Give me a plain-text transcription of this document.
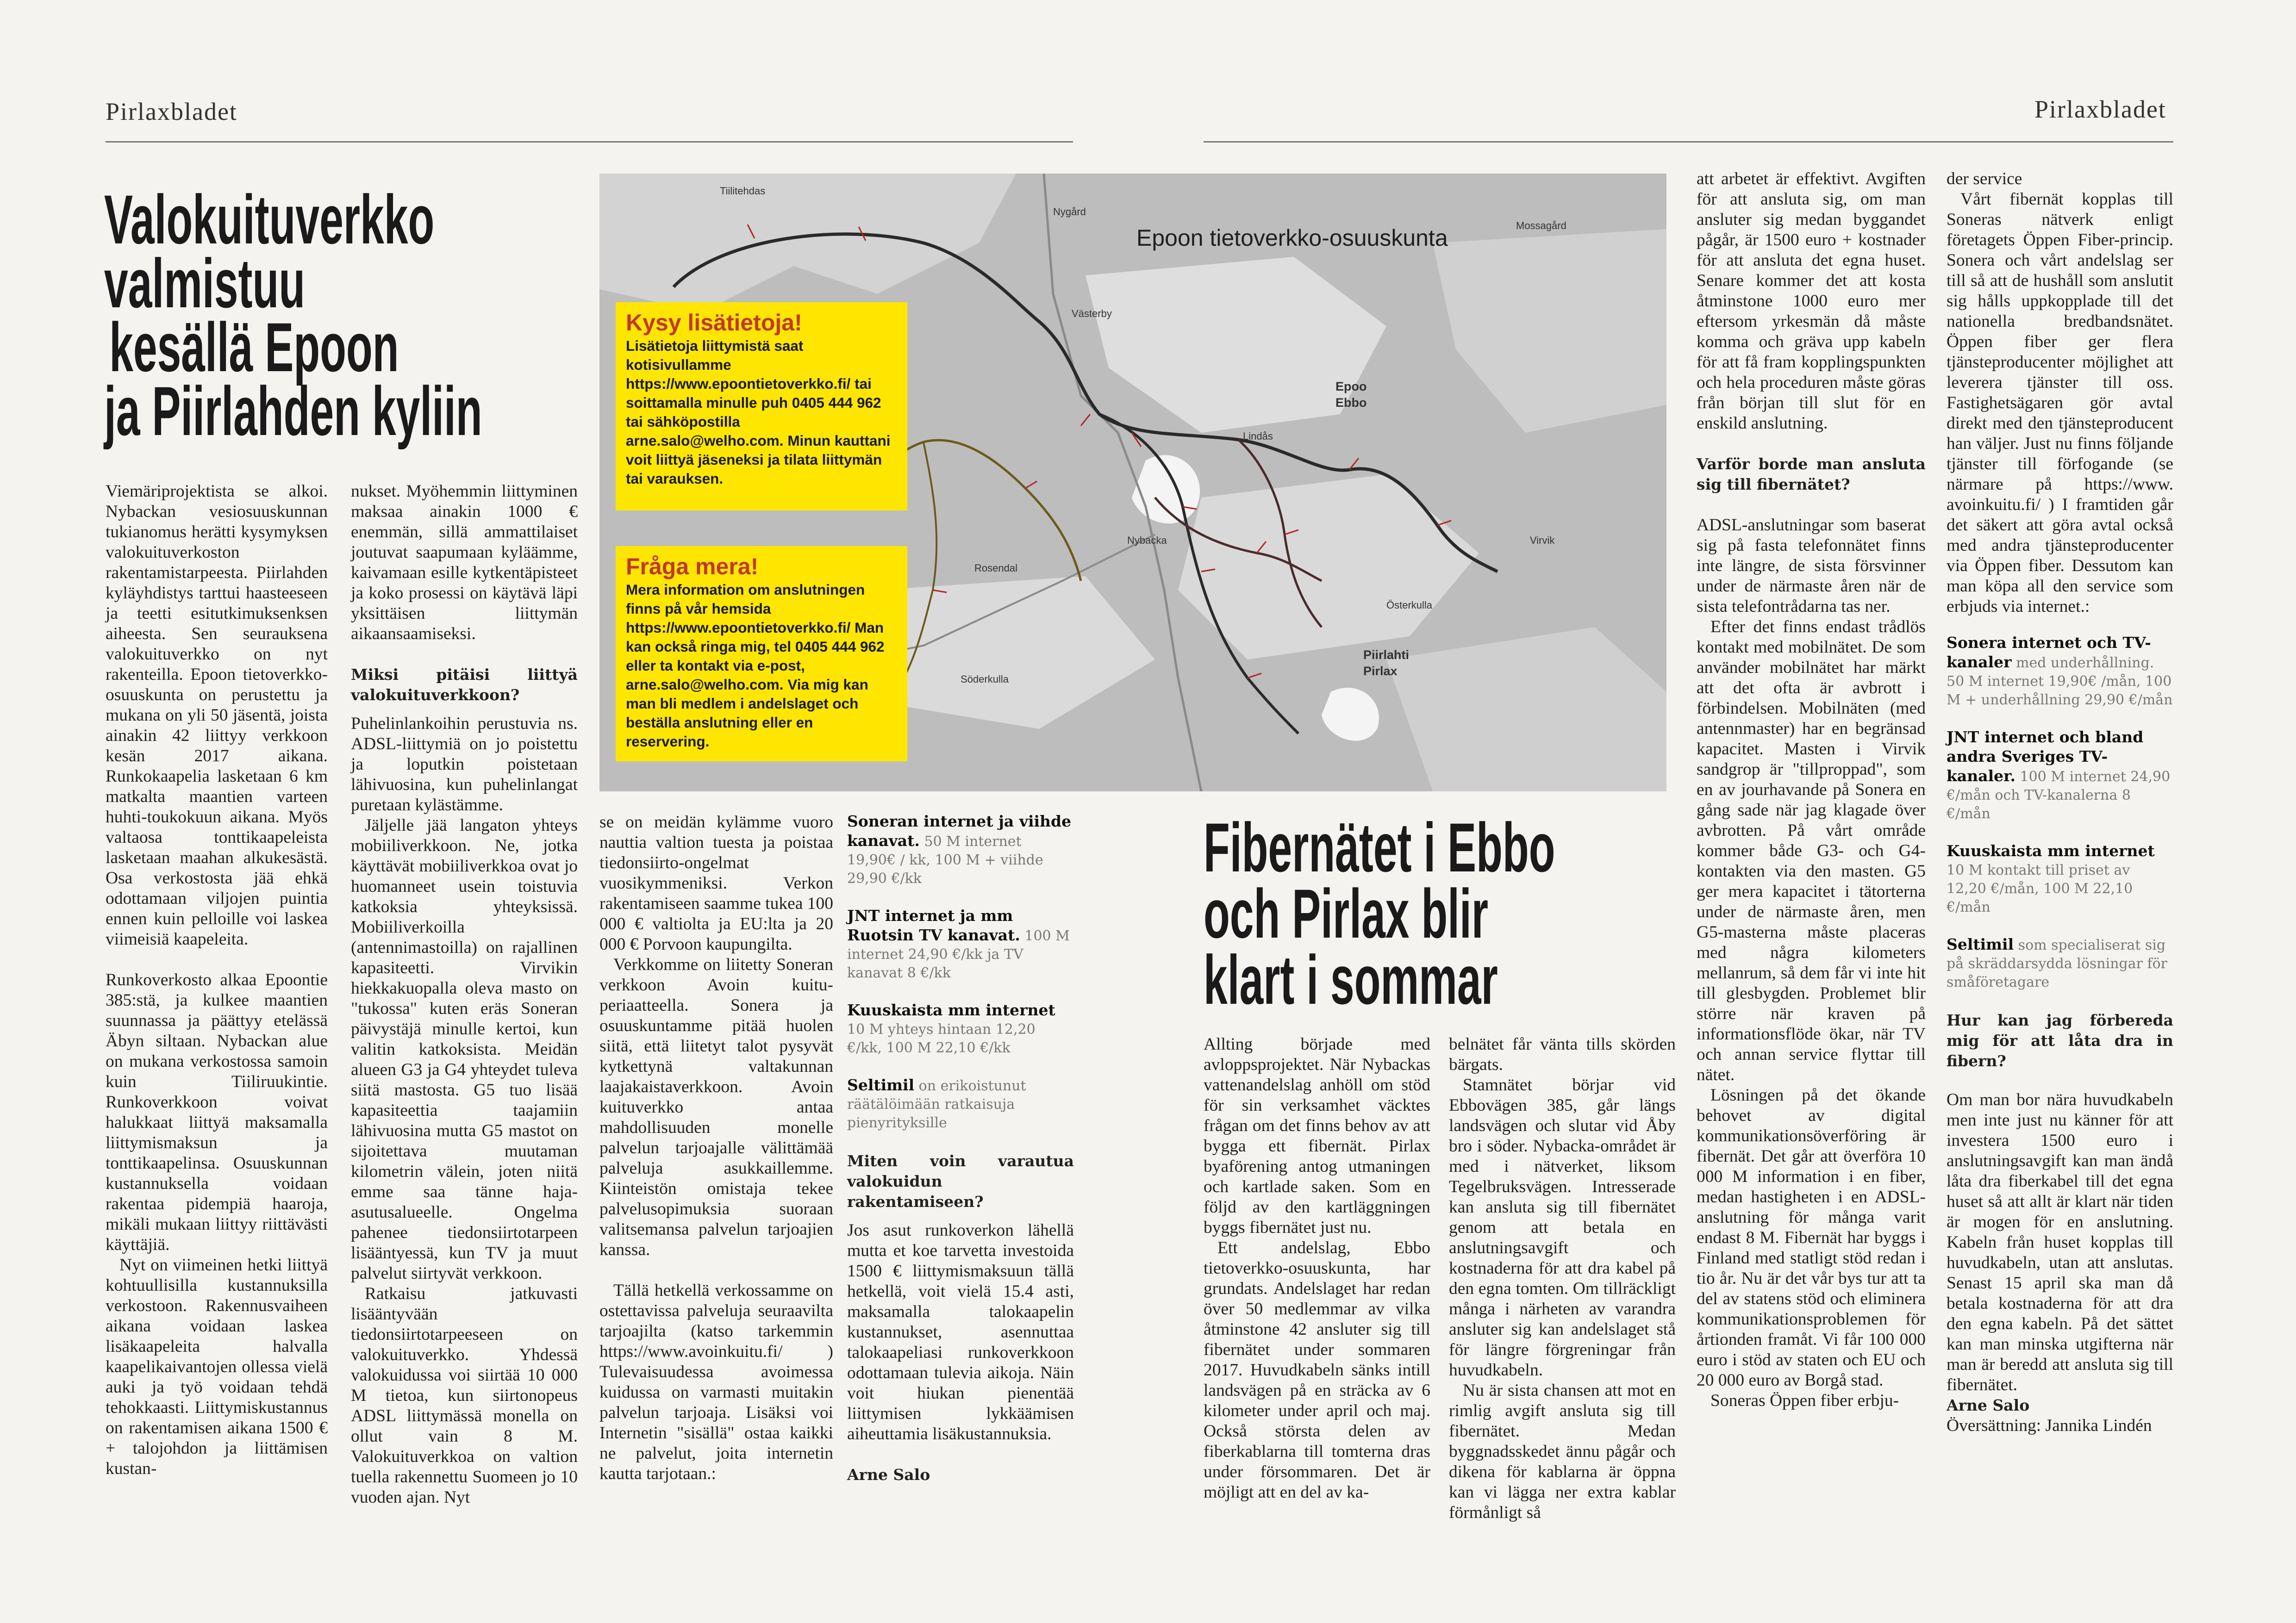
Pirlaxbladet	Pirlaxbladet
Valokuituverkko
valmistuu
kesällä Epoon
ja Piirlahden kyliin

Viemäriprojektista se alkoi. Nybackan vesiosuuskunnan tukianomus herätti kysymyksen valokuituverkoston rakentamistarpeesta. Piirlahden kyläyhdistys tarttui haasteeseen ja teetti esitutkimuksenksen aiheesta. Sen seurauksena valokuituverkko on nyt rakenteilla. Epoon tietoverkko-osuuskunta on perustettu ja mukana on yli 50 jäsentä, joista ainakin 42 liittyy verkkoon kesän 2017 aikana. Runkokaapelia lasketaan 6 km matkalta maantien varteen huhti-toukokuun aikana. Myös valtaosa tonttikaapeleista lasketaan maahan alkukesästä. Osa verkostosta jää ehkä odottamaan viljojen puintia ennen kuin pelloille voi laskea viimeisiä kaapeleita.

Runkoverkosto alkaa Epoontie 385:stä, ja kulkee maantien suunnassa ja päättyy etelässä Äbyn siltaan. Nybackan alue on mukana verkostossa samoin kuin Tiiliruukintie. Runkoverkkoon voivat halukkaat liittyä maksamalla liittymismaksun ja tonttikaapelinsa. Osuuskunnan kustannuksella voidaan rakentaa pidempiä haaroja, mikäli mukaan liittyy riittävästi käyttäjiä.

Nyt on viimeinen hetki liittyä kohtuullisilla kustannuksilla verkostoon. Rakennusvaiheen aikana voidaan laskea lisäkaapeleita halvalla kaapelikaivantojen ollessa vielä auki ja työ voidaan tehdä tehokkaasti. Liittymiskustannus on rakentamisen aikana 1500 € + talojohdon ja liittämisen kustan-

nukset. Myöhemmin liittyminen maksaa ainakin 1000 € enemmän, sillä ammattilaiset joutuvat saapumaan kyläämme, kaivamaan esille kytkentäpisteet ja koko prosessi on käytävä läpi yksittäisen liittymän aikaansaamiseksi.

Miksi pitäisi liittyä valokuituverkkoon?

Puhelinlankoihin perustuvia ns. ADSL-liittymiä on jo poistettu ja loputkin poistetaan lähivuosina, kun puhelinlangat puretaan kylästämme.

Jäljelle jää langaton yhteys mobiiliverkkoon. Ne, jotka käyttävät mobiiliverkkoa ovat jo huomanneet usein toistuvia katkoksia yhteyksissä. Mobiiliverkoilla (antennimastoilla) on rajallinen kapasiteetti. Virvikin hiekkakuopalla oleva masto on "tukossa" kuten eräs Soneran päivystäjä minulle kertoi, kun valitin katkoksista. Meidän alueen G3 ja G4 yhteydet tuleva siitä mastosta. G5 tuo lisää kapasiteettia taajamiin lähivuosina mutta G5 mastot on sijoitettava muutaman kilometrin välein, joten niitä emme saa tänne haja-asutusalueelle. Ongelma pahenee tiedonsiirtotarpeen lisääntyessä, kun TV ja muut palvelut siirtyvät verkkoon.

Ratkaisu jatkuvasti lisääntyvään tiedonsiirtotarpeeseen on valokuituverkko. Yhdessä valokuidussa voi siirtää 10 000 M tietoa, kun siirtonopeus ADSL liittymässä monella on ollut vain 8 M. Valokuituverkkoa on valtion tuella rakennettu Suomeen jo 10 vuoden ajan. Nyt

Epoon tietoverkko-osuuskunta
Nygård
Epoo
Ebbo
Nybacka
Piirlahti
Pirlax
Lindås
Österkulla
Söderkulla
Rosendal
Västerby
Mossagård
Tiilitehdas
Virvik
Kysy lisätietoja!
Lisätietoja liittymistä saat kotisivullamme https://www.epoontietoverkko.fi/ tai soittamalla minulle puh 0405 444 962 tai sähköpostilla arne.salo@welho.com. Minun kauttani voit liittyä jäseneksi ja tilata liittymän tai varauksen.
Fråga mera!
Mera information om anslutningen finns på vår hemsida https://www.epoontietoverkko.fi/ Man kan också ringa mig, tel 0405 444 962 eller ta kontakt via e-post, arne.salo@welho.com. Via mig kan man bli medlem i andelslaget och beställa anslutning eller en reservering.

se on meidän kylämme vuoro nauttia valtion tuesta ja poistaa tiedonsiirto-ongelmat vuosikymmeniksi. Verkon rakentamiseen saamme tukea 100 000 € valtiolta ja EU:lta ja 20 000 € Porvoon kaupungilta.

Verkkomme on liitetty Soneran verkkoon Avoin kuitu-periaatteella. Sonera ja osuuskuntamme pitää huolen siitä, että liitetyt talot pysyvät kytkettynä valtakunnan laajakaistaverkkoon. Avoin kuituverkko antaa mahdollisuuden monelle palvelun tarjoajalle välittämää palveluja asukkaillemme. Kiinteistön omistaja tekee palvelusopimuksia suoraan valitsemansa palvelun tarjoajien kanssa.

Tällä hetkellä verkossamme on ostettavissa palveluja seuraavilta tarjoajilta (katso tarkemmin https://www.avoinkuitu.fi/ ) Tulevaisuudessa avoimessa kuidussa on varmasti muitakin palvelun tarjoaja. Lisäksi voi Internetin "sisällä" ostaa kaikki ne palvelut, joita internetin kautta tarjotaan.:

Soneran internet ja viihde kanavat. 50 M internet 19,90€ / kk, 100 M + viihde 29,90 €/kk
JNT internet ja mm Ruotsin TV kanavat. 100 M internet 24,90 €/kk ja TV kanavat 8 €/kk
Kuuskaista mm internet 10 M yhteys hintaan 12,20 €/kk, 100 M 22,10 €/kk
Seltimil on erikoistunut räätälöimään ratkaisuja pienyrityksille
Miten voin varautua valokuidun rakentamiseen?

Jos asut runkoverkon lähellä mutta et koe tarvetta investoida 1500 € liittymismaksuun tällä hetkellä, voit vielä 15.4 asti, maksamalla talokaapelin kustannukset, asennuttaa talokaapeliasi runkoverkkoon odottamaan tulevia aikoja. Näin voit hiukan pienentää liittymisen lykkäämisen aiheuttamia lisäkustannuksia.

Arne Salo
Fibernätet i Ebbo
och Pirlax blir
klart i sommar

Allting började med avloppsprojektet. När Nybackas vattenandelslag anhöll om stöd för sin verksamhet väcktes frågan om det finns behov av att bygga ett fibernät. Pirlax byaförening antog utmaningen och kartlade saken. Som en följd av den kartläggningen byggs fibernätet just nu.

Ett andelslag, Ebbo tietoverkko-osuuskunta, har grundats. Andelslaget har redan över 50 medlemmar av vilka åtminstone 42 ansluter sig till fibernätet under sommaren 2017. Huvudkabeln sänks intill landsvägen på en sträcka av 6 kilometer under april och maj. Också största delen av fiberkablarna till tomterna dras under försommaren. Det är möjligt att en del av ka-

belnätet får vänta tills skörden bärgats.

Stamnätet börjar vid Ebbovägen 385, går längs landsvägen och slutar vid Åby bro i söder. Nybacka-området är med i nätverket, liksom Tegelbruksvägen. Intresserade kan ansluta sig till fibernätet genom att betala en anslutningsavgift och kostnaderna för att dra kabel på den egna tomten. Om tillräckligt många i närheten av varandra ansluter sig kan andelslaget stå för längre förgreningar från huvudkabeln.

Nu är sista chansen att mot en rimlig avgift ansluta sig till fibernätet. Medan byggnadsskedet ännu pågår och dikena för kablarna är öppna kan vi lägga ner extra kablar förmånligt så

att arbetet är effektivt. Avgiften för att ansluta sig, om man ansluter sig medan byggandet pågår, är 1500 euro + kostnader för att ansluta det egna huset. Senare kommer det att kosta åtminstone 1000 euro mer eftersom yrkesmän då måste komma och gräva upp kabeln för att få fram kopplingspunkten och hela proceduren måste göras från början till slut för en enskild anslutning.

Varför borde man ansluta sig till fibernätet?

ADSL-anslutningar som baserat sig på fasta telefonnätet finns inte längre, de sista försvinner under de närmaste åren när de sista telefontrådarna tas ner.

Efter det finns endast trådlös kontakt med mobilnätet. De som använder mobilnätet har märkt att det ofta är avbrott i förbindelsen. Mobilnäten (med antennmaster) har en begränsad kapacitet. Masten i Virvik sandgrop är "tillproppad", som en av jourhavande på Sonera en gång sade när jag klagade över avbrotten. På vårt område kommer både G3- och G4- kontakten via den masten. G5 ger mera kapacitet i tätorterna under de närmaste åren, men G5-masterna måste placeras med några kilometers mellanrum, så dem får vi inte hit till glesbygden. Problemet blir större när kraven på informationsflöde ökar, när TV och annan service flyttar till nätet.

Lösningen på det ökande behovet av digital kommunikationsöverföring är fibernät. Det går att överföra 10 000 M information i en fiber, medan hastigheten i en ADSL-anslutning för många varit endast 8 M. Fibernät har byggs i Finland med statligt stöd redan i tio år. Nu är det vår bys tur att ta del av statens stöd och eliminera kommunikationsproblemen för årtionden framåt. Vi får 100 000 euro i stöd av staten och EU och 20 000 euro av Borgå stad.

Soneras Öppen fiber erbju-

der service

Vårt fibernät kopplas till Soneras nätverk enligt företagets Öppen Fiber-princip. Sonera och vårt andelslag ser till så att de hushåll som anslutit sig hålls uppkopplade till det nationella bredbandsnätet. Öppen fiber ger flera tjänsteproducenter möjlighet att leverera tjänster till oss. Fastighetsägaren gör avtal direkt med den tjänsteproducent han väljer. Just nu finns följande tjänster till förfogande (se närmare på https://www. avoinkuitu.fi/ ) I framtiden går det säkert att göra avtal också med andra tjänsteproducenter via Öppen fiber. Dessutom kan man köpa all den service som erbjuds via internet.:

Sonera internet och TV-kanaler med underhållning. 50 M internet 19,90€ /mån, 100 M + underhållning 29,90 €/mån
JNT internet och bland andra Sveriges TV-kanaler. 100 M internet 24,90 €/mån och TV-kanalerna 8 €/mån
Kuuskaista mm internet 10 M kontakt till priset av 12,20 €/mån, 100 M 22,10 €/mån
Seltimil som specialiserat sig på skräddarsydda lösningar för småföretagare
Hur kan jag förbereda mig för att låta dra in fibern?

Om man bor nära huvudkabeln men inte just nu känner för att investera 1500 euro i anslutningsavgift kan man ändå låta dra fiberkabel till det egna huset så att allt är klart när tiden är mogen för en anslutning. Kabeln från huset kopplas till huvudkabeln, utan att anslutas. Senast 15 april ska man då betala kostnaderna för att dra den egna kabeln. På det sättet kan man minska utgifterna när man är beredd att ansluta sig till fibernätet.

Arne Salo
Översättning: Jannika Lindén
